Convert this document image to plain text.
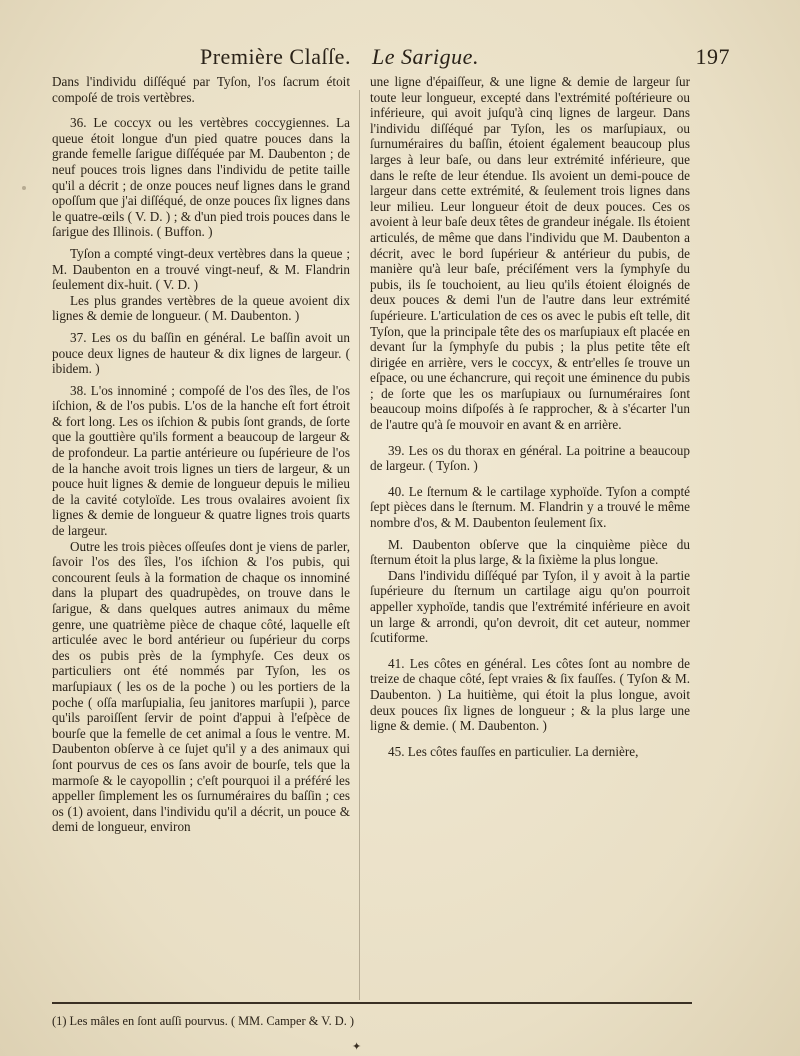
Première Claſſe. Le Sarigue.	197

Dans l'individu diſſéqué par Tyſon, l'os ſacrum étoit compoſé de trois vertèbres.

36. Le coccyx ou les vertèbres coccygiennes. La queue étoit longue d'un pied quatre pouces dans la grande femelle ſarigue diſſéquée par M. Daubenton ; de neuf pouces trois lignes dans l'individu de petite taille qu'il a décrit ; de onze pouces neuf lignes dans le grand opoſſum que j'ai diſſéqué, de onze pouces ſix lignes dans le quatre-œils ( V. D. ) ; & d'un pied trois pouces dans le ſarigue des Illinois. ( Buffon. )

Tyſon a compté vingt-deux vertèbres dans la queue ; M. Daubenton en a trouvé vingt-neuf, & M. Flandrin ſeulement dix-huit. ( V. D. )

Les plus grandes vertèbres de la queue avoient dix lignes & demie de longueur. ( M. Daubenton. )

37. Les os du baſſin en général. Le baſſin avoit un pouce deux lignes de hauteur & dix lignes de largeur. ( ibidem. )

38. L'os innominé ; compoſé de l'os des îles, de l'os iſchion, & de l'os pubis. L'os de la hanche eſt fort étroit & fort long. Les os iſchion & pubis ſont grands, de ſorte que la gouttière qu'ils forment a beaucoup de largeur & de profondeur. La partie antérieure ou ſupérieure de l'os de la hanche avoit trois lignes un tiers de largeur, & un pouce huit lignes & demie de longueur depuis le milieu de la cavité cotyloïde. Les trous ovalaires avoient ſix lignes & demie de longueur & quatre lignes trois quarts de largeur.

Outre les trois pièces oſſeuſes dont je viens de parler, ſavoir l'os des îles, l'os iſchion & l'os pubis, qui concourent ſeuls à la formation de chaque os innominé dans la plupart des quadrupèdes, on trouve dans le ſarigue, & dans quelques autres animaux du même genre, une quatrième pièce de chaque côté, laquelle eſt articulée avec le bord antérieur ou ſupérieur du corps des os pubis près de la ſymphyſe. Ces deux os particuliers ont été nommés par Tyſon, les os marſupiaux ( les os de la poche ) ou les portiers de la poche ( oſſa marſupialia, ſeu janitores marſupii ), parce qu'ils paroiſſent ſervir de point d'appui à l'eſpèce de bourſe que la femelle de cet animal a ſous le ventre. M. Daubenton obſerve à ce ſujet qu'il y a des animaux qui ſont pourvus de ces os ſans avoir de bourſe, tels que la marmoſe & le cayopollin ; c'eſt pourquoi il a préféré les appeller ſimplement les os ſurnuméraires du baſſin ; ces os (1) avoient, dans l'individu qu'il a décrit, un pouce & demi de longueur, environ

une ligne d'épaiſſeur, & une ligne & demie de largeur ſur toute leur longueur, excepté dans l'extrémité poſtérieure ou inférieure, qui avoit juſqu'à cinq lignes de largeur. Dans l'individu diſſéqué par Tyſon, les os marſupiaux, ou ſurnuméraires du baſſin, étoient également beaucoup plus larges à leur baſe, ou dans leur extrémité inférieure, que dans le reſte de leur étendue. Ils avoient un demi-pouce de largeur dans cette extrémité, & ſeulement trois lignes dans leur milieu. Leur longueur étoit de deux pouces. Ces os avoient à leur baſe deux têtes de grandeur inégale. Ils étoient articulés, de même que dans l'individu que M. Daubenton a décrit, avec le bord ſupérieur & antérieur du pubis, de manière qu'à leur baſe, préciſément vers la ſymphyſe du pubis, ils ſe touchoient, au lieu qu'ils étoient éloignés de deux pouces & demi l'un de l'autre dans leur extrémité ſupérieure. L'articulation de ces os avec le pubis eſt telle, dit Tyſon, que la principale tête des os marſupiaux eſt placée en devant ſur la ſymphyſe du pubis ; la plus petite tête eſt dirigée en arrière, vers le coccyx, & entr'elles ſe trouve un eſpace, ou une échancrure, qui reçoit une éminence du pubis ; de ſorte que les os marſupiaux ou ſurnuméraires ſont beaucoup moins diſpoſés à ſe rapprocher, & à s'écarter l'un de l'autre qu'à ſe mouvoir en avant & en arrière.

39. Les os du thorax en général. La poitrine a beaucoup de largeur. ( Tyſon. )

40. Le ſternum & le cartilage xyphoïde. Tyſon a compté ſept pièces dans le ſternum. M. Flandrin y a trouvé le même nombre d'os, & M. Daubenton ſeulement ſix.

M. Daubenton obſerve que la cinquième pièce du ſternum étoit la plus large, & la ſixième la plus longue.

Dans l'individu diſſéqué par Tyſon, il y avoit à la partie ſupérieure du ſternum un cartilage aigu qu'on pourroit appeller xyphoïde, tandis que l'extrémité inférieure en avoit un large & arrondi, qu'on devroit, dit cet auteur, nommer ſcutiforme.

41. Les côtes en général. Les côtes ſont au nombre de treize de chaque côté, ſept vraies & ſix fauſſes. ( Tyſon & M. Daubenton. ) La huitième, qui étoit la plus longue, avoit deux pouces ſix lignes de longueur ; & la plus large une ligne & demie. ( M. Daubenton. )

45. Les côtes fauſſes en particulier. La dernière,

(1) Les mâles en ſont auſſi pourvus. ( MM. Camper & V. D. )
✦
